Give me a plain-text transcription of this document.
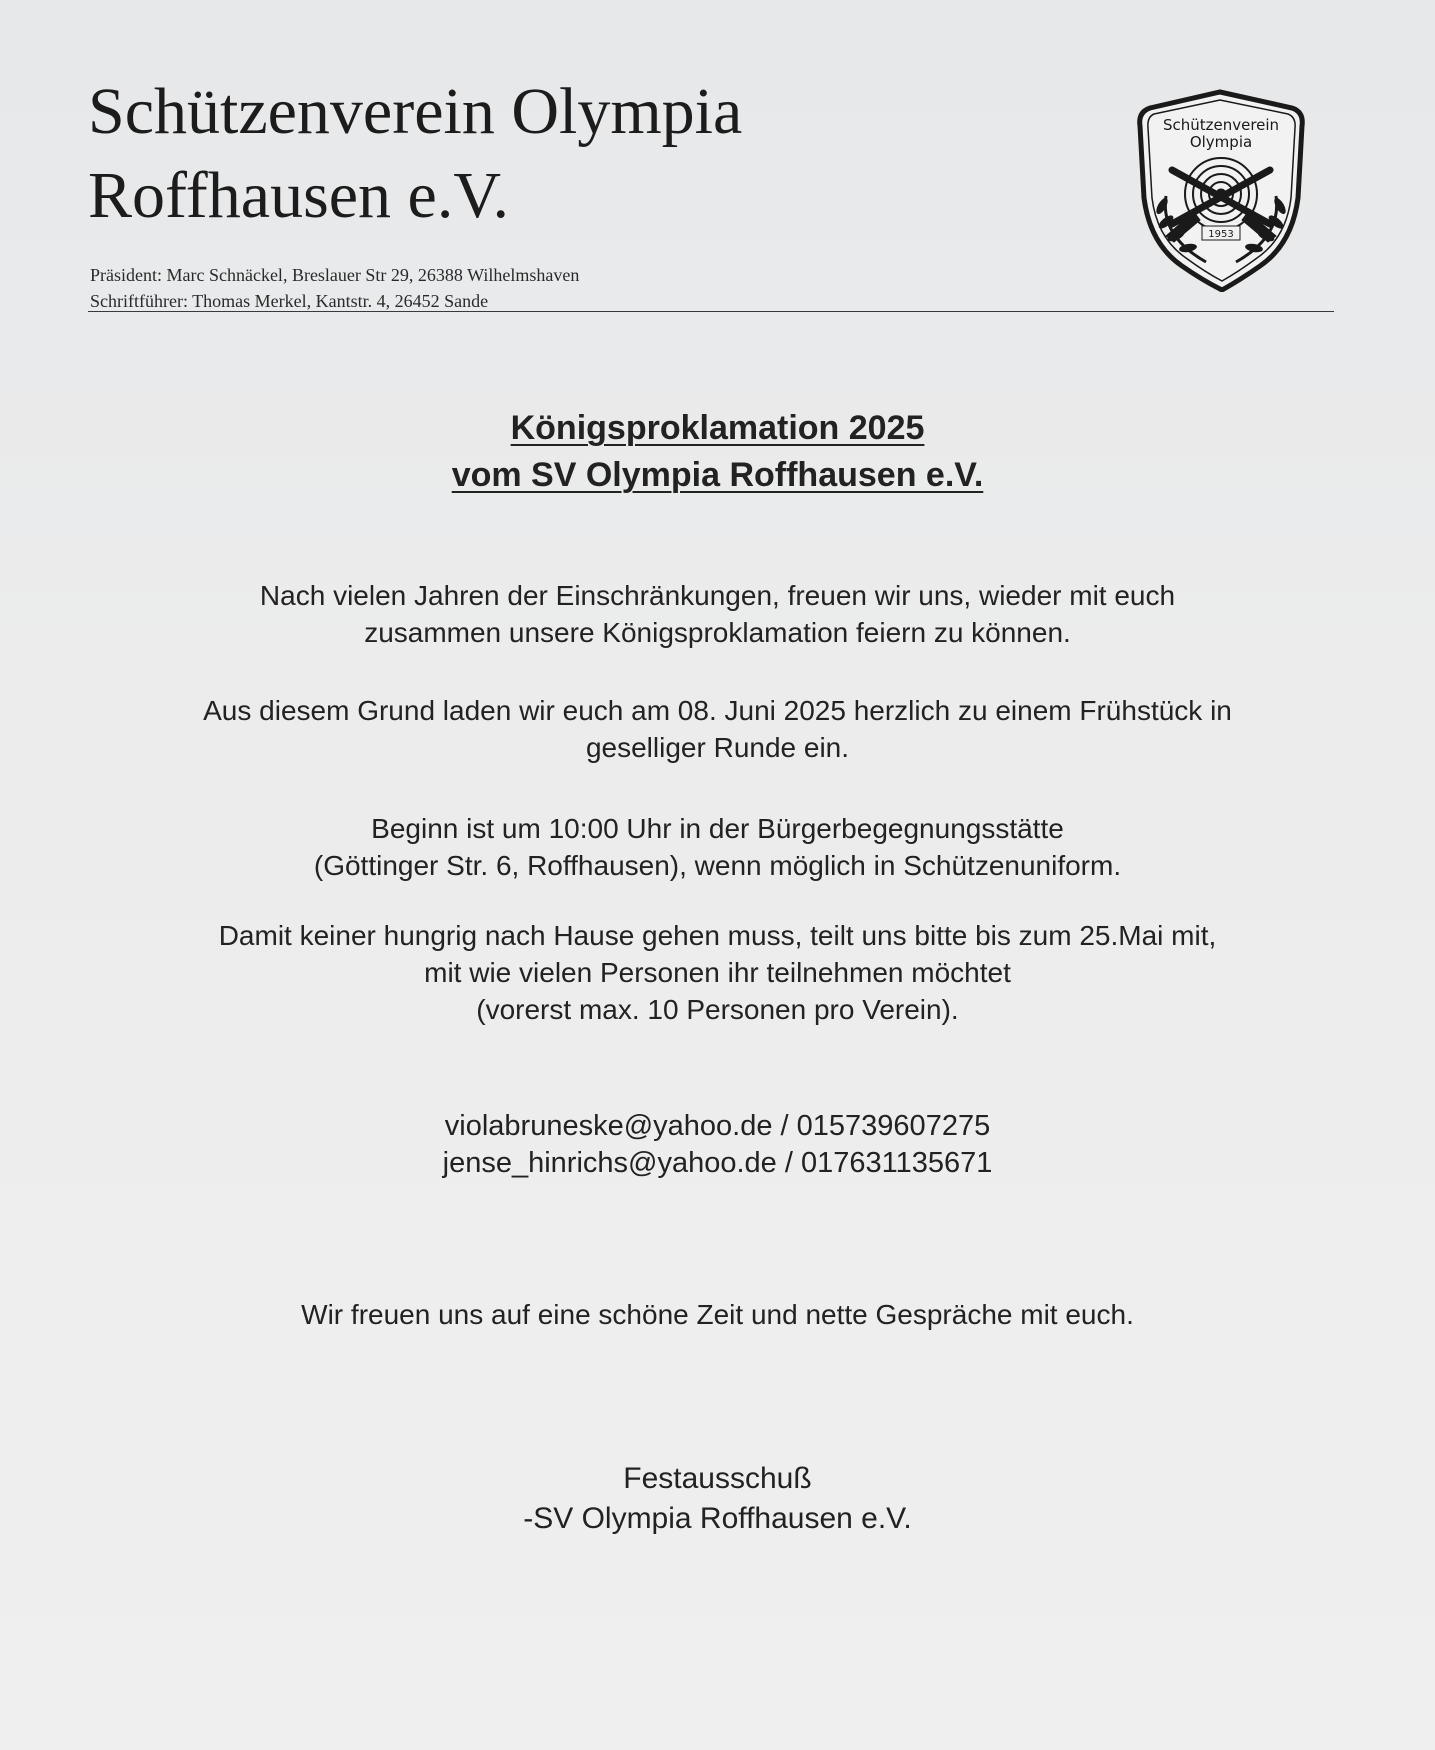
Schützenverein Olympia
Roffhausen e.V.
Präsident: Marc Schnäckel, Breslauer Str 29, 26388 Wilhelmshaven
Schriftführer: Thomas Merkel, Kantstr. 4, 26452 Sande
Schützenverein
Olympia
1953
Königsproklamation 2025
vom SV Olympia Roffhausen e.V.
Nach vielen Jahren der Einschränkungen, freuen wir uns, wieder mit euch
zusammen unsere Königsproklamation feiern zu können.
Aus diesem Grund laden wir euch am 08. Juni 2025 herzlich zu einem Frühstück in
geselliger Runde ein.
Beginn ist um 10:00 Uhr in der Bürgerbegegnungsstätte
(Göttinger Str. 6, Roffhausen), wenn möglich in Schützenuniform.
Damit keiner hungrig nach Hause gehen muss, teilt uns bitte bis zum 25.Mai mit,
mit wie vielen Personen ihr teilnehmen möchtet
(vorerst max. 10 Personen pro Verein).
violabruneske@yahoo.de / 015739607275
jense_hinrichs@yahoo.de / 017631135671
Wir freuen uns auf eine schöne Zeit und nette Gespräche mit euch.
Festausschuß
-SV Olympia Roffhausen e.V.
